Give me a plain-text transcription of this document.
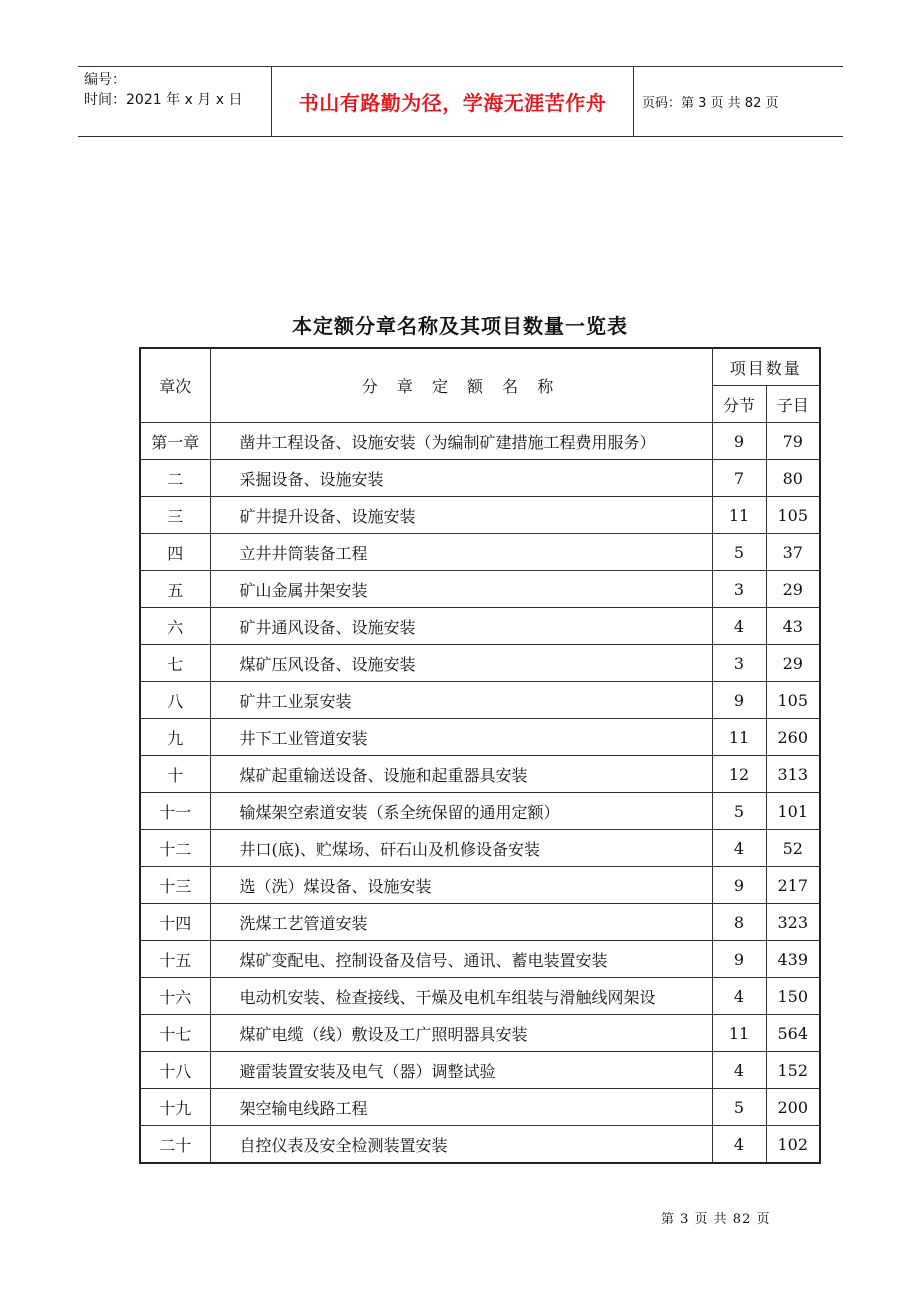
编号：
时间：2021 年 x 月 x 日	书山有路勤为径，学海无涯苦作舟	页码：第 3 页 共 82 页
本定额分章名称及其项目数量一览表
章次	分 章 定 额 名 称	项目数量	
		分节	子目
第一章	凿井工程设备、设施安装（为编制矿建措施工程费用服务）	9	79
二	采掘设备、设施安装	7	80
三	矿井提升设备、设施安装	11	105
四	立井井筒装备工程	5	37
五	矿山金属井架安装	3	29
六	矿井通风设备、设施安装	4	43
七	煤矿压风设备、设施安装	3	29
八	矿井工业泵安装	9	105
九	井下工业管道安装	11	260
十	煤矿起重输送设备、设施和起重器具安装	12	313
十一	输煤架空索道安装（系全统保留的通用定额）	5	101
十二	井口(底)、贮煤场、矸石山及机修设备安装	4	52
十三	选（洗）煤设备、设施安装	9	217
十四	洗煤工艺管道安装	8	323
十五	煤矿变配电、控制设备及信号、通讯、蓄电装置安装	9	439
十六	电动机安装、检查接线、干燥及电机车组装与滑触线网架设	4	150
十七	煤矿电缆（线）敷设及工广照明器具安装	11	564
十八	避雷装置安装及电气（器）调整试验	4	152
十九	架空输电线路工程	5	200
二十	自控仪表及安全检测装置安装	4	102
第 3 页 共 82 页
